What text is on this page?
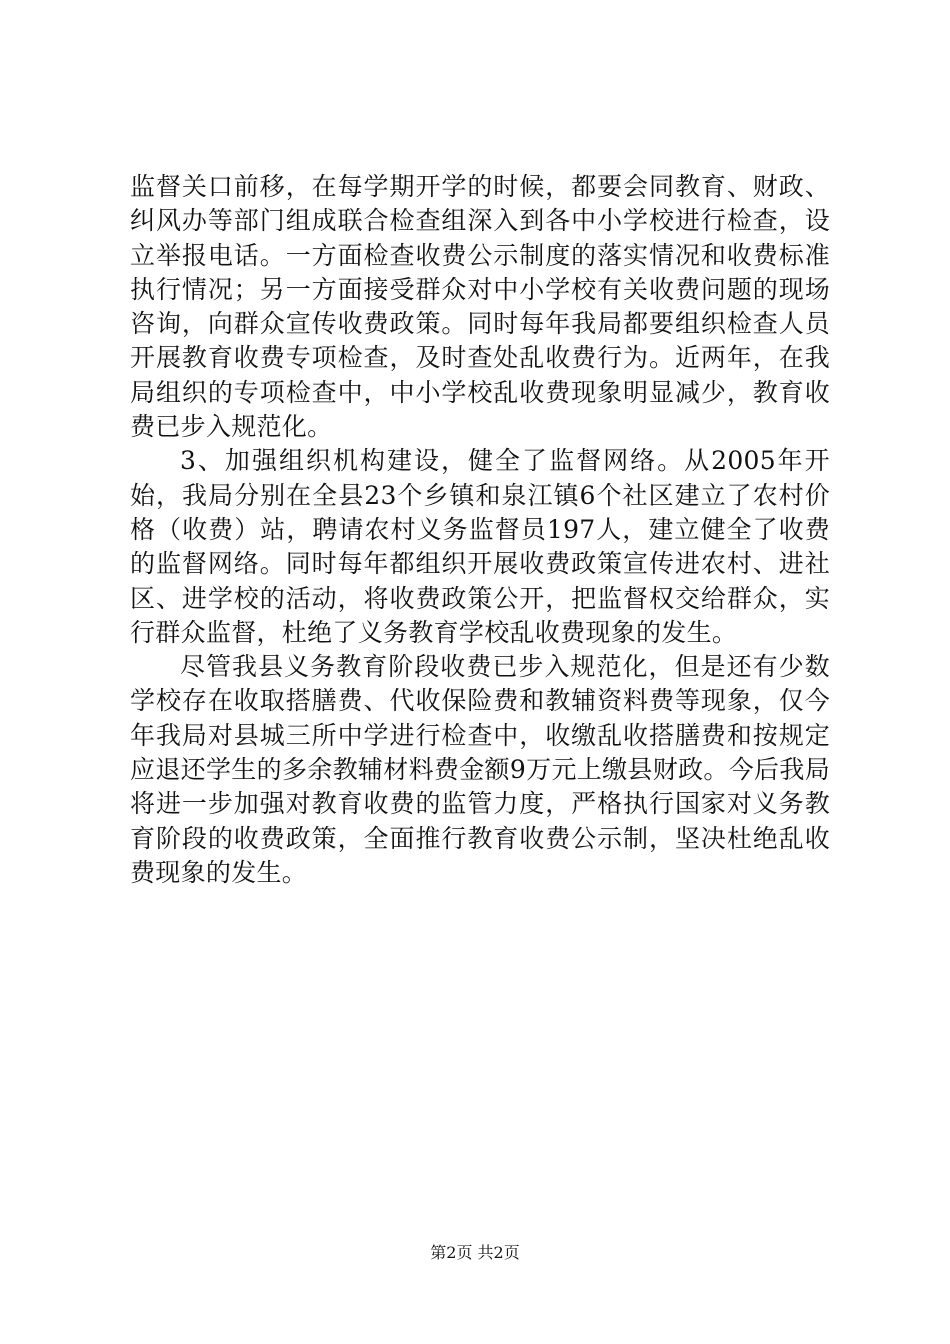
监督关口前移，在每学期开学的时候，都要会同教育、财政、纠风办等部门组成联合检查组深入到各中小学校进行检查，设立举报电话。一方面检查收费公示制度的落实情况和收费标准执行情况；另一方面接受群众对中小学校有关收费问题的现场咨询，向群众宣传收费政策。同时每年我局都要组织检查人员开展教育收费专项检查，及时查处乱收费行为。近两年，在我局组织的专项检查中，中小学校乱收费现象明显减少，教育收费已步入规范化。

3、加强组织机构建设，健全了监督网络。从2005年开始，我局分别在全县23个乡镇和泉江镇6个社区建立了农村价格（收费）站，聘请农村义务监督员197人，建立健全了收费的监督网络。同时每年都组织开展收费政策宣传进农村、进社区、进学校的活动，将收费政策公开，把监督权交给群众，实行群众监督，杜绝了义务教育学校乱收费现象的发生。

尽管我县义务教育阶段收费已步入规范化，但是还有少数学校存在收取搭膳费、代收保险费和教辅资料费等现象，仅今年我局对县城三所中学进行检查中，收缴乱收搭膳费和按规定应退还学生的多余教辅材料费金额9万元上缴县财政。今后我局将进一步加强对教育收费的监管力度，严格执行国家对义务教育阶段的收费政策，全面推行教育收费公示制，坚决杜绝乱收费现象的发生。

第2页 共2页
